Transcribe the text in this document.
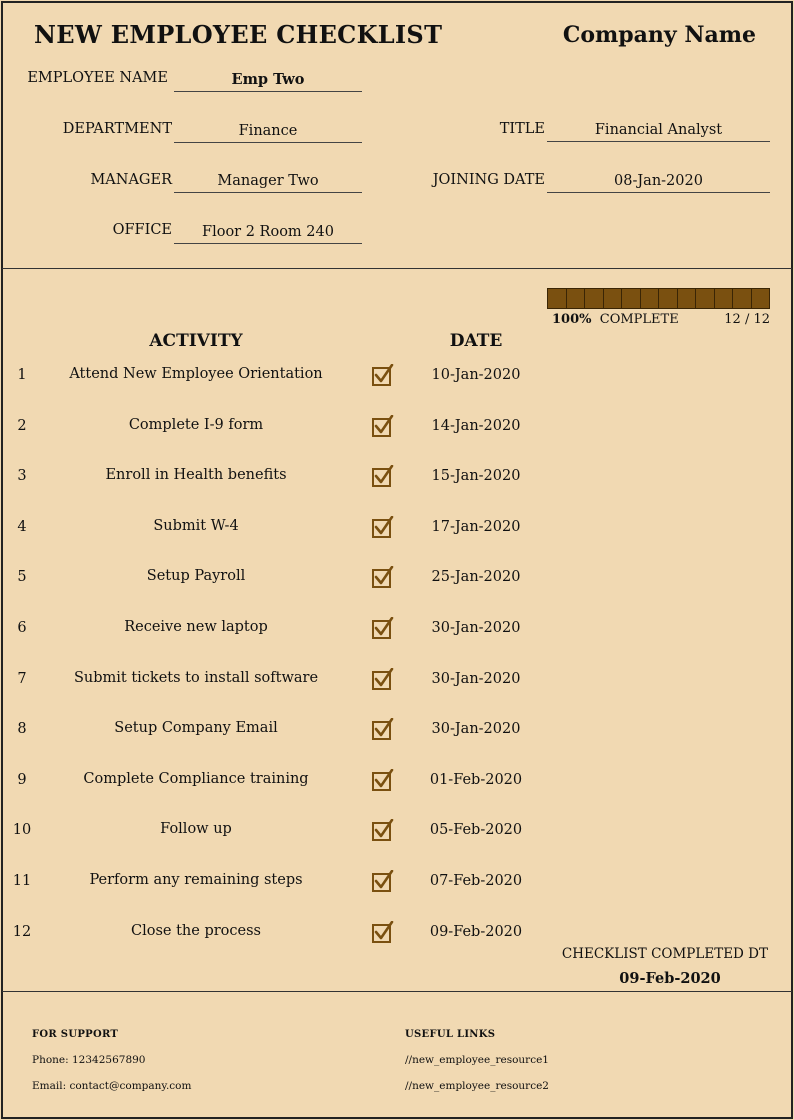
NEW EMPLOYEE CHECKLIST	Company Name
EMPLOYEE NAME	Emp Two
DEPARTMENT	Finance	TITLE	Financial Analyst
MANAGER	Manager Two	JOINING DATE	08-Jan-2020
OFFICE	Floor 2 Room 240
100% COMPLETE	12 / 12
ACTIVITY	DATE
1	Attend New Employee Orientation	10-Jan-2020
2	Complete I-9 form	14-Jan-2020
3	Enroll in Health benefits	15-Jan-2020
4	Submit W-4	17-Jan-2020
5	Setup Payroll	25-Jan-2020
6	Receive new laptop	30-Jan-2020
7	Submit tickets to install software	30-Jan-2020
8	Setup Company Email	30-Jan-2020
9	Complete Compliance training	01-Feb-2020
10	Follow up	05-Feb-2020
11	Perform any remaining steps	07-Feb-2020
12	Close the process	09-Feb-2020
CHECKLIST COMPLETED DT
09-Feb-2020
FOR SUPPORT
Phone: 12342567890
Email: contact@company.com
USEFUL LINKS
//new_employee_resource1
//new_employee_resource2
